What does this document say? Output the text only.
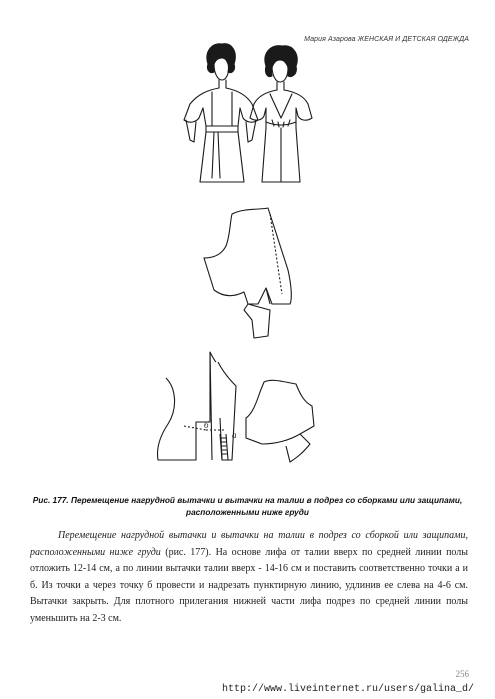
Мария Азарова ЖЕНСКАЯ И ДЕТСКАЯ ОДЕЖДА
б
a
Рис. 177. Перемещение нагрудной вытачки и вытачки на талии в подрез со сборками или защипами,
расположенными ниже груди
Перемещение нагрудной вытачки и вытачки на талии в подрез со сборкой или защипами, расположенными ниже груди (рис. 177). На основе лифа от талии вверх по средней линии полы отложить 12-14 см, а по линии вытачки талии вверх - 14-16 см и поставить соответственно точки а и б. Из точки а через точку б провести и надрезать пунктирную линию, удлинив ее слева на 4-6 см. Вытачки закрыть. Для плотного прилегания нижней части лифа подрез по средней линии полы уменьшить на 2-3 см.
256
http://www.liveinternet.ru/users/galina_d/
